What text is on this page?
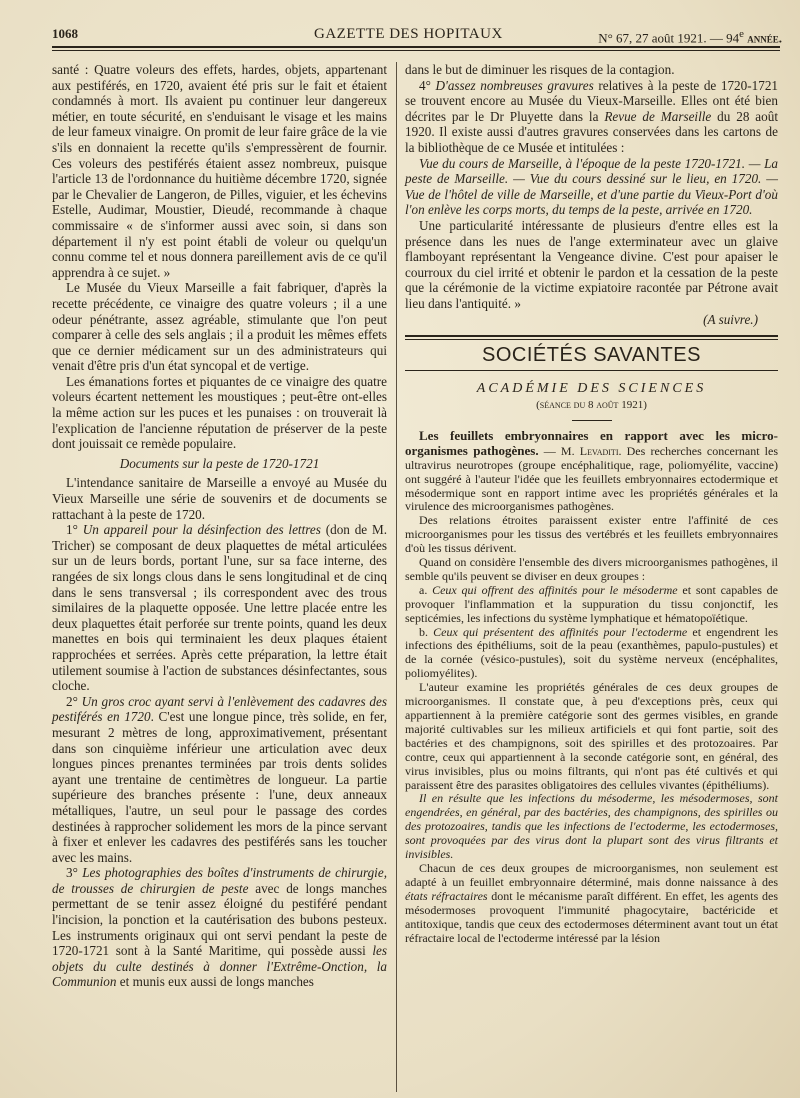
1068	GAZETTE DES HOPITAUX	N° 67, 27 août 1921. — 94e année.

santé : Quatre voleurs des effets, hardes, objets, appartenant aux pestiférés, en 1720, avaient été pris sur le fait et étaient condamnés à mort. Ils avaient pu continuer leur dangereux métier, en toute sécurité, en s'enduisant le visage et les mains de leur fameux vinaigre. On promit de leur faire grâce de la vie s'ils en donnaient la recette qu'ils s'empressèrent de fournir. Ces voleurs des pestiférés étaient assez nombreux, puisque l'article 13 de l'ordonnance du huitième décembre 1720, signée par le Chevalier de Langeron, de Pilles, viguier, et les échevins Estelle, Audimar, Moustier, Dieudé, recommande à chaque commissaire « de s'informer aussi avec soin, si dans son département il n'y est point établi de voleur ou quelqu'un connu comme tel et nous donnera pareillement avis de ce qu'il apprendra à ce sujet. »

Le Musée du Vieux Marseille a fait fabriquer, d'après la recette précédente, ce vinaigre des quatre voleurs ; il a une odeur pénétrante, assez agréable, stimulante que l'on peut comparer à celle des sels anglais ; il a produit les mêmes effets que ce dernier médicament sur un des administrateurs qui venait d'être pris d'un état syncopal et de vertige.

Les émanations fortes et piquantes de ce vinaigre des quatre voleurs écartent nettement les moustiques ; peut-être ont-elles la même action sur les puces et les punaises : on trouverait là l'explication de l'ancienne réputation de préserver de la peste dont jouissait ce remède populaire.

Documents sur la peste de 1720-1721

L'intendance sanitaire de Marseille a envoyé au Musée du Vieux Marseille une série de souvenirs et de documents se rattachant à la peste de 1720.

1° Un appareil pour la désinfection des lettres (don de M. Tricher) se composant de deux plaquettes de métal articulées sur un de leurs bords, portant l'une, sur sa face interne, des rangées de six longs clous dans le sens longitudinal et de cinq dans le sens transversal ; ils correspondent avec des trous similaires de la plaquette opposée. Une lettre placée entre les deux plaquettes était perforée sur trente points, quand les deux manettes en bois qui terminaient les deux plaques étaient rapprochées et serrées. Après cette préparation, la lettre était utilement soumise à l'action de substances désinfectantes, sous cloche.

2° Un gros croc ayant servi à l'enlèvement des cadavres des pestiférés en 1720. C'est une longue pince, très solide, en fer, mesurant 2 mètres de long, approximativement, présentant dans son cinquième inférieur une articulation avec deux longues pinces prenantes terminées par trois dents solides ayant une trentaine de centimètres de longueur. La partie supérieure des branches présente : l'une, deux anneaux métalliques, l'autre, un seul pour le passage des cordes destinées à rapprocher solidement les mors de la pince servant à fixer et enlever les cadavres des pestiférés sans les toucher avec les mains.

3° Les photographies des boîtes d'instruments de chirurgie, de trousses de chirurgien de peste avec de longs manches permettant de se tenir assez éloigné du pestiféré pendant l'incision, la ponction et la cautérisation des bubons pesteux. Les instruments originaux qui ont servi pendant la peste de 1720-1721 sont à la Santé Maritime, qui possède aussi les objets du culte destinés à donner l'Extrême-Onction, la Communion et munis eux aussi de longs manches

dans le but de diminuer les risques de la contagion.

4° D'assez nombreuses gravures relatives à la peste de 1720-1721 se trouvent encore au Musée du Vieux-Marseille. Elles ont été bien décrites par le Dr Pluyette dans la Revue de Marseille du 28 août 1920. Il existe aussi d'autres gravures conservées dans les cartons de la bibliothèque de ce Musée et intitulées :

Vue du cours de Marseille, à l'époque de la peste 1720-1721. — La peste de Marseille. — Vue du cours dessiné sur le lieu, en 1720. — Vue de l'hôtel de ville de Marseille, et d'une partie du Vieux-Port d'où l'on enlève les corps morts, du temps de la peste, arrivée en 1720.

Une particularité intéressante de plusieurs d'entre elles est la présence dans les nues de l'ange exterminateur avec un glaive flamboyant représentant la Vengeance divine. C'est pour apaiser le courroux du ciel irrité et obtenir le pardon et la cessation de la peste que la cérémonie de la victime expiatoire racontée par Pétrone avait lieu dans l'antiquité. »

(A suivre.)
SOCIÉTÉS SAVANTES
ACADÉMIE DES SCIENCES
(séance du 8 août 1921)

Les feuillets embryonnaires en rapport avec les micro-organismes pathogènes. — M. Levaditi. Des recherches concernant les ultravirus neurotropes (groupe encéphalitique, rage, poliomyélite, vaccine) ont suggéré à l'auteur l'idée que les feuillets embryonnaires ectodermique et mésodermique sont en rapport intime avec les propriétés générales et la virulence des microorganismes pathogènes.

Des relations étroites paraissent exister entre l'affinité de ces microorganismes pour les tissus des vertébrés et les feuillets embryonnaires d'où les tissus dérivent.

Quand on considère l'ensemble des divers microorganismes pathogènes, il semble qu'ils peuvent se diviser en deux groupes :

a. Ceux qui offrent des affinités pour le mésoderme et sont capables de provoquer l'inflammation et la suppuration du tissu conjonctif, les septicémies, les infections du système lymphatique et hématopoïétique.

b. Ceux qui présentent des affinités pour l'ectoderme et engendrent les infections des épithéliums, soit de la peau (exanthèmes, papulo-pustules) et de la cornée (vésico-pustules), soit du système nerveux (encéphalites, poliomyélites).

L'auteur examine les propriétés générales de ces deux groupes de microorganismes. Il constate que, à peu d'exceptions près, ceux qui appartiennent à la première catégorie sont des germes visibles, en grande majorité cultivables sur les milieux artificiels et qui font partie, soit des bactéries et des champignons, soit des spirilles et des protozoaires. Par contre, ceux qui appartiennent à la seconde catégorie sont, en général, des virus invisibles, plus ou moins filtrants, qui n'ont pas été cultivés et qui paraissent être des parasites obligatoires des cellules vivantes (épithéliums).

Il en résulte que les infections du mésoderme, les mésodermoses, sont engendrées, en général, par des bactéries, des champignons, des spirilles ou des protozoaires, tandis que les infections de l'ectoderme, les ectodermoses, sont provoquées par des virus dont la plupart sont des virus filtrants et invisibles.

Chacun de ces deux groupes de microorganismes, non seulement est adapté à un feuillet embryonnaire déterminé, mais donne naissance à des états réfractaires dont le mécanisme paraît différent. En effet, les agents des mésodermoses provoquent l'immunité phagocytaire, bactéricide et antitoxique, tandis que ceux des ectodermoses déterminent avant tout un état réfractaire local de l'ectoderme intéressé par la lésion
